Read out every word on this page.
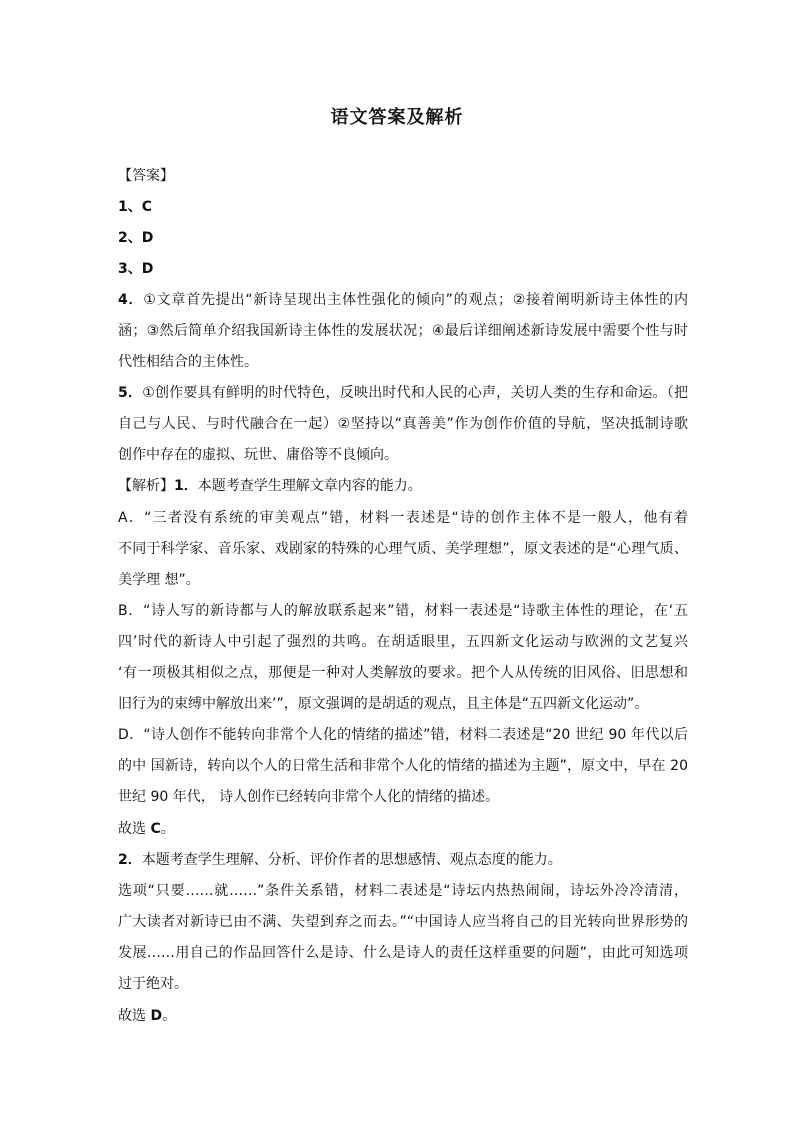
语文答案及解析
【答案】
1、C
2、D
3、D
4．①文章首先提出“新诗呈现出主体性强化的倾向”的观点；②接着阐明新诗主体性的内
涵；③然后简单介绍我国新诗主体性的发展状况；④最后详细阐述新诗发展中需要个性与时
代性相结合的主体性。
5．①创作要具有鲜明的时代特色，反映出时代和人民的心声，关切人类的生存和命运。（把
自己与人民、与时代融合在一起）②坚持以“真善美”作为创作价值的导航，坚决抵制诗歌
创作中存在的虚拟、玩世、庸俗等不良倾向。
【解析】1．本题考查学生理解文章内容的能力。
A．“三者没有系统的审美观点”错，材料一表述是“诗的创作主体不是一般人，他有着
不同于科学家、音乐家、戏剧家的特殊的心理气质、美学理想”，原文表述的是“心理气质、
美学理 想”。
B．“诗人写的新诗都与人的解放联系起来”错，材料一表述是“诗歌主体性的理论，在‘五
四’时代的新诗人中引起了强烈的共鸣。在胡适眼里，五四新文化运动与欧洲的文艺复兴
‘有一项极其相似之点，那便是一种对人类解放的要求。把个人从传统的旧风俗、旧思想和
旧行为的束缚中解放出来’”，原文强调的是胡适的观点，且主体是“五四新文化运动”。
D．“诗人创作不能转向非常个人化的情绪的描述”错，材料二表述是“20 世纪 90 年代以后
的中 国新诗，转向以个人的日常生活和非常个人化的情绪的描述为主题”，原文中，早在 20
世纪 90 年代， 诗人创作已经转向非常个人化的情绪的描述。
故选 C。
2．本题考查学生理解、分析、评价作者的思想感情、观点态度的能力。
选项“只要……就……”条件关系错，材料二表述是“诗坛内热热闹闹，诗坛外冷冷清清，
广大读者对新诗已由不满、失望到弃之而去。”“中国诗人应当将自己的目光转向世界形势的
发展……用自己的作品回答什么是诗、什么是诗人的责任这样重要的问题”，由此可知选项
过于绝对。
故选 D。
